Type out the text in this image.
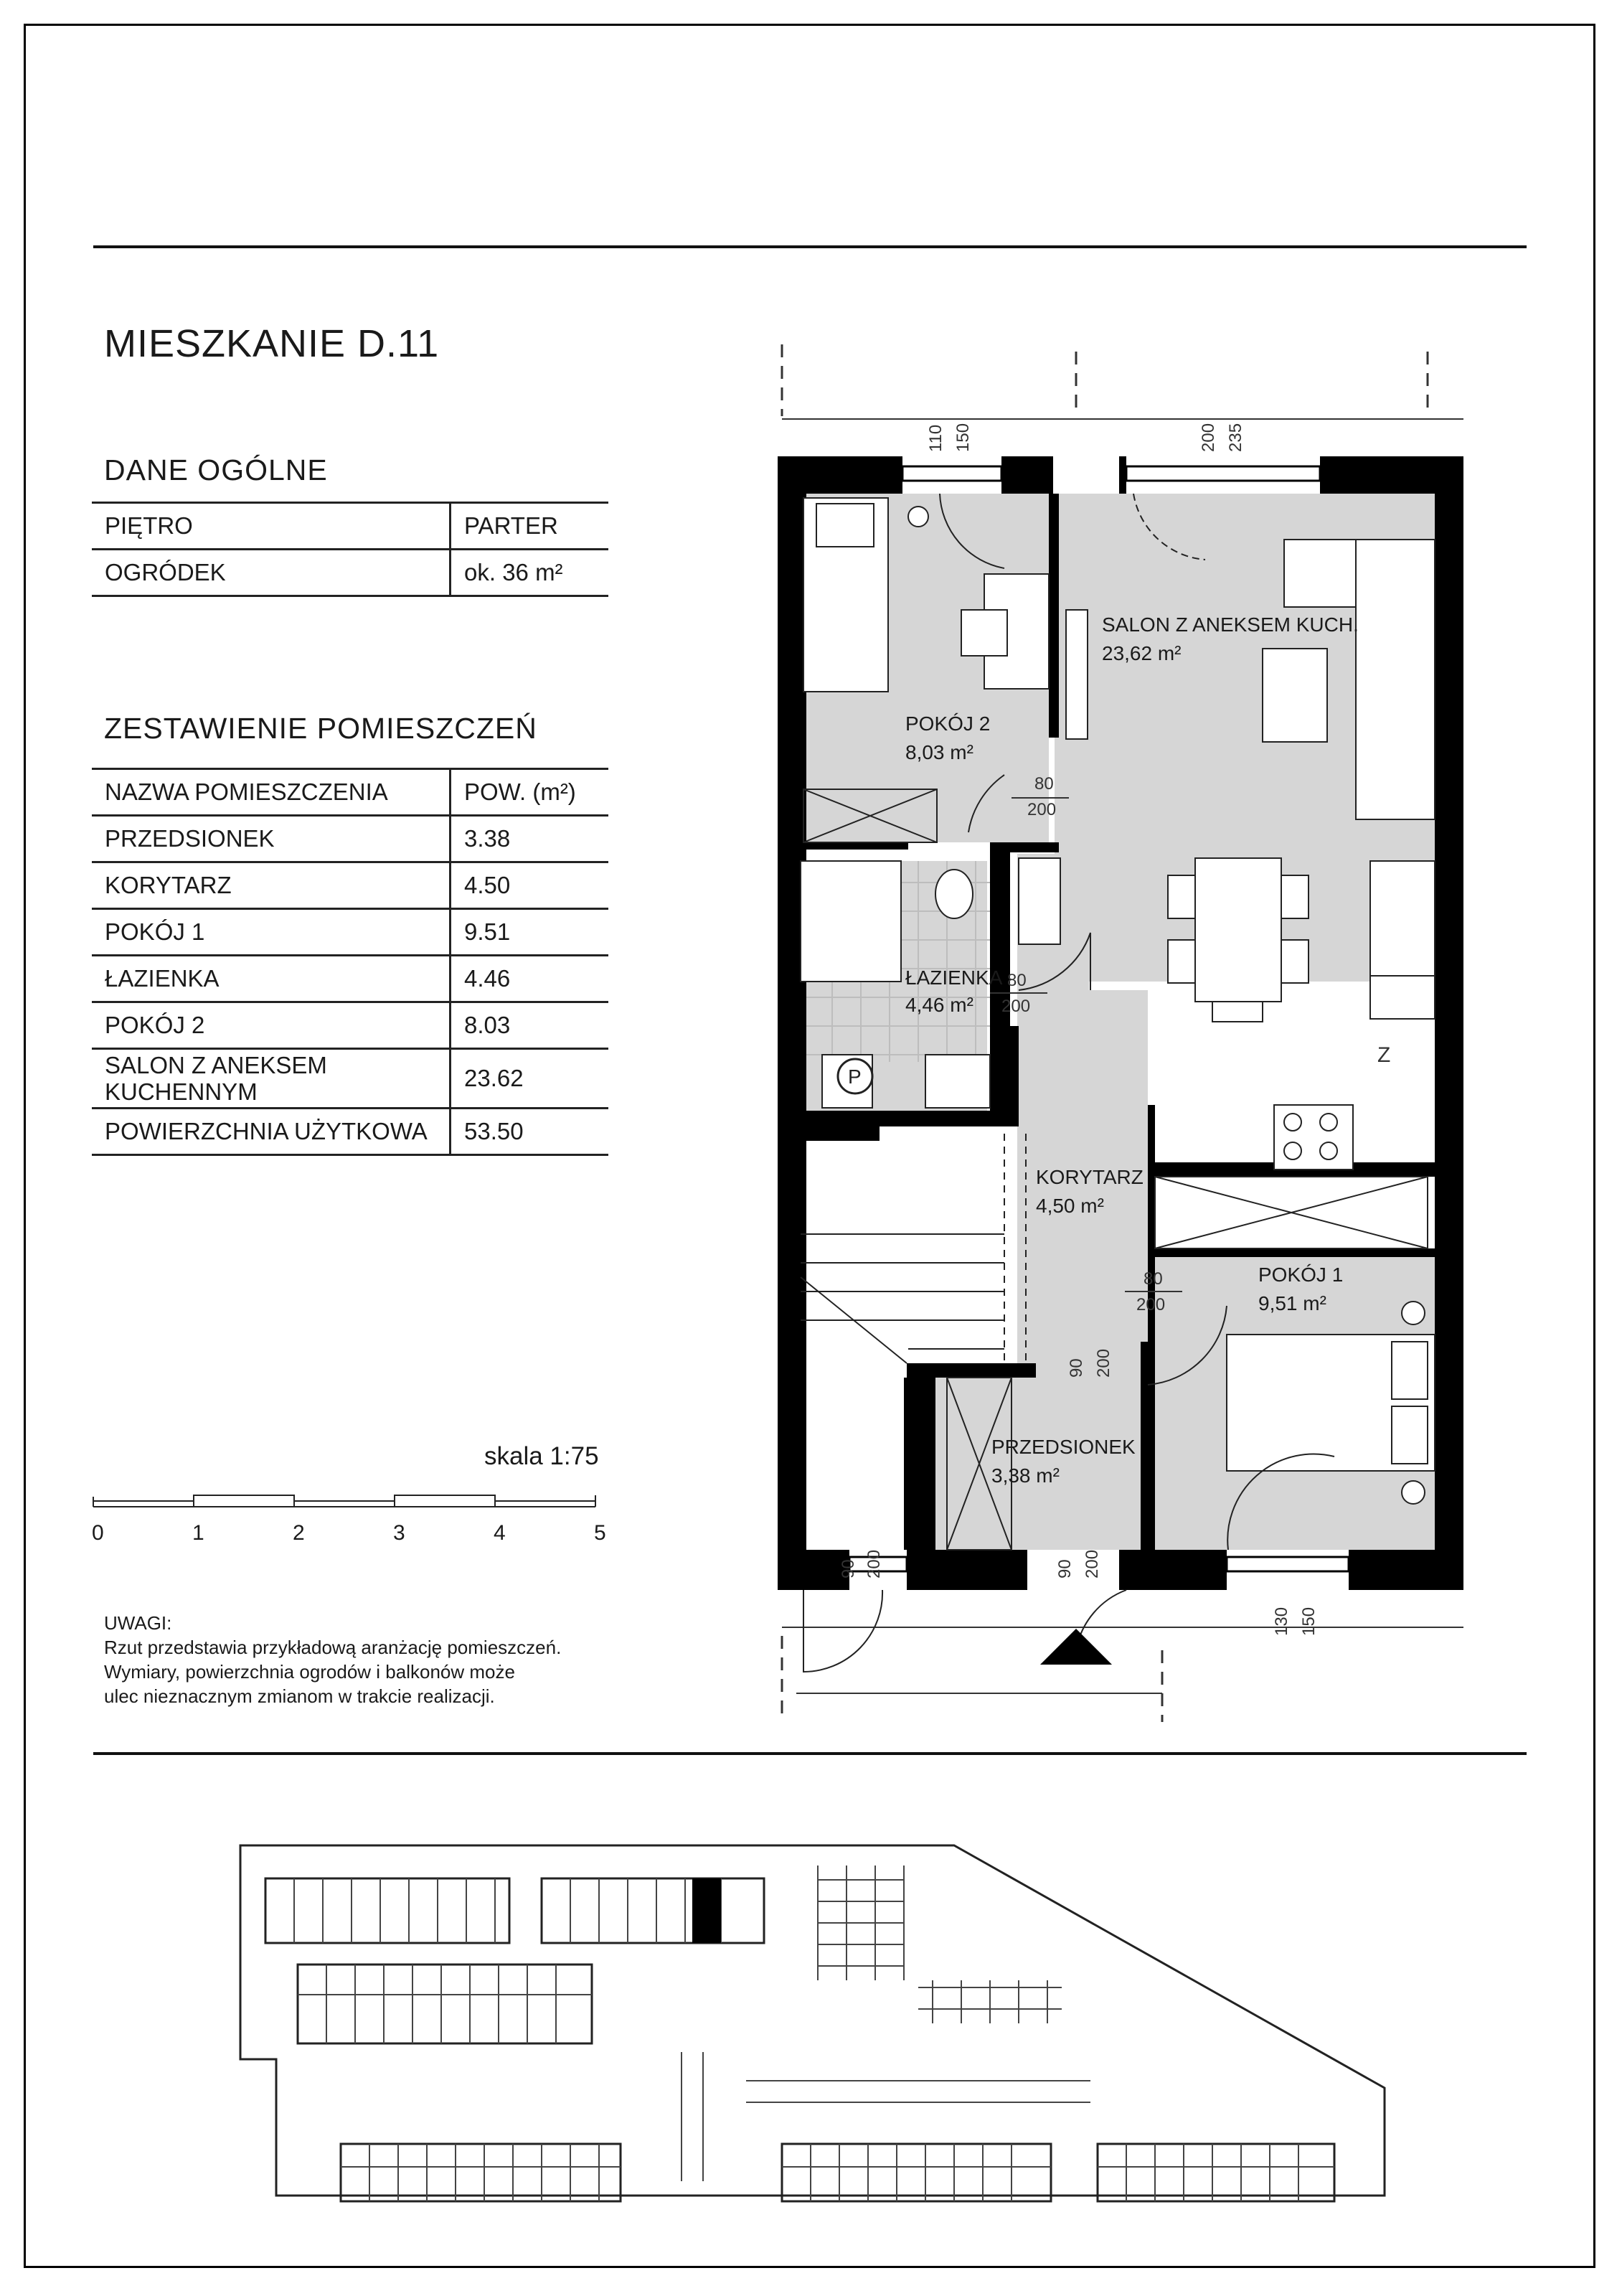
MIESZKANIE D.11
DANE OGÓLNE
PIĘTRO	PARTER
OGRÓDEK	ok. 36 m²
ZESTAWIENIE POMIESZCZEŃ
NAZWA POMIESZCZENIA	POW. (m²)
PRZEDSIONEK	3.38
KORYTARZ	4.50
POKÓJ 1	9.51
ŁAZIENKA	4.46
POKÓJ 2	8.03
SALON Z ANEKSEM
KUCHENNYM	23.62
POWIERZCHNIA UŻYTKOWA	53.50
skala 1:75
0	1	2	3	4	5
UWAGI:
Rzut przedstawia przykładową aranżację pomieszczeń.
Wymiary, powierzchnia ogrodów i balkonów może
ulec nieznacznym zmianom w trakcie realizacji.
SALON Z ANEKSEM KUCH.
23,62 m²
POKÓJ 2
8,03 m²
ŁAZIENKA
4,46 m²
KORYTARZ
4,50 m²
POKÓJ 1
9,51 m²
PRZEDSIONEK
3,38 m²
80
200
80
200
80
200
Z
110 150	200 235
90 200
90 200	90 200
130 150
P
